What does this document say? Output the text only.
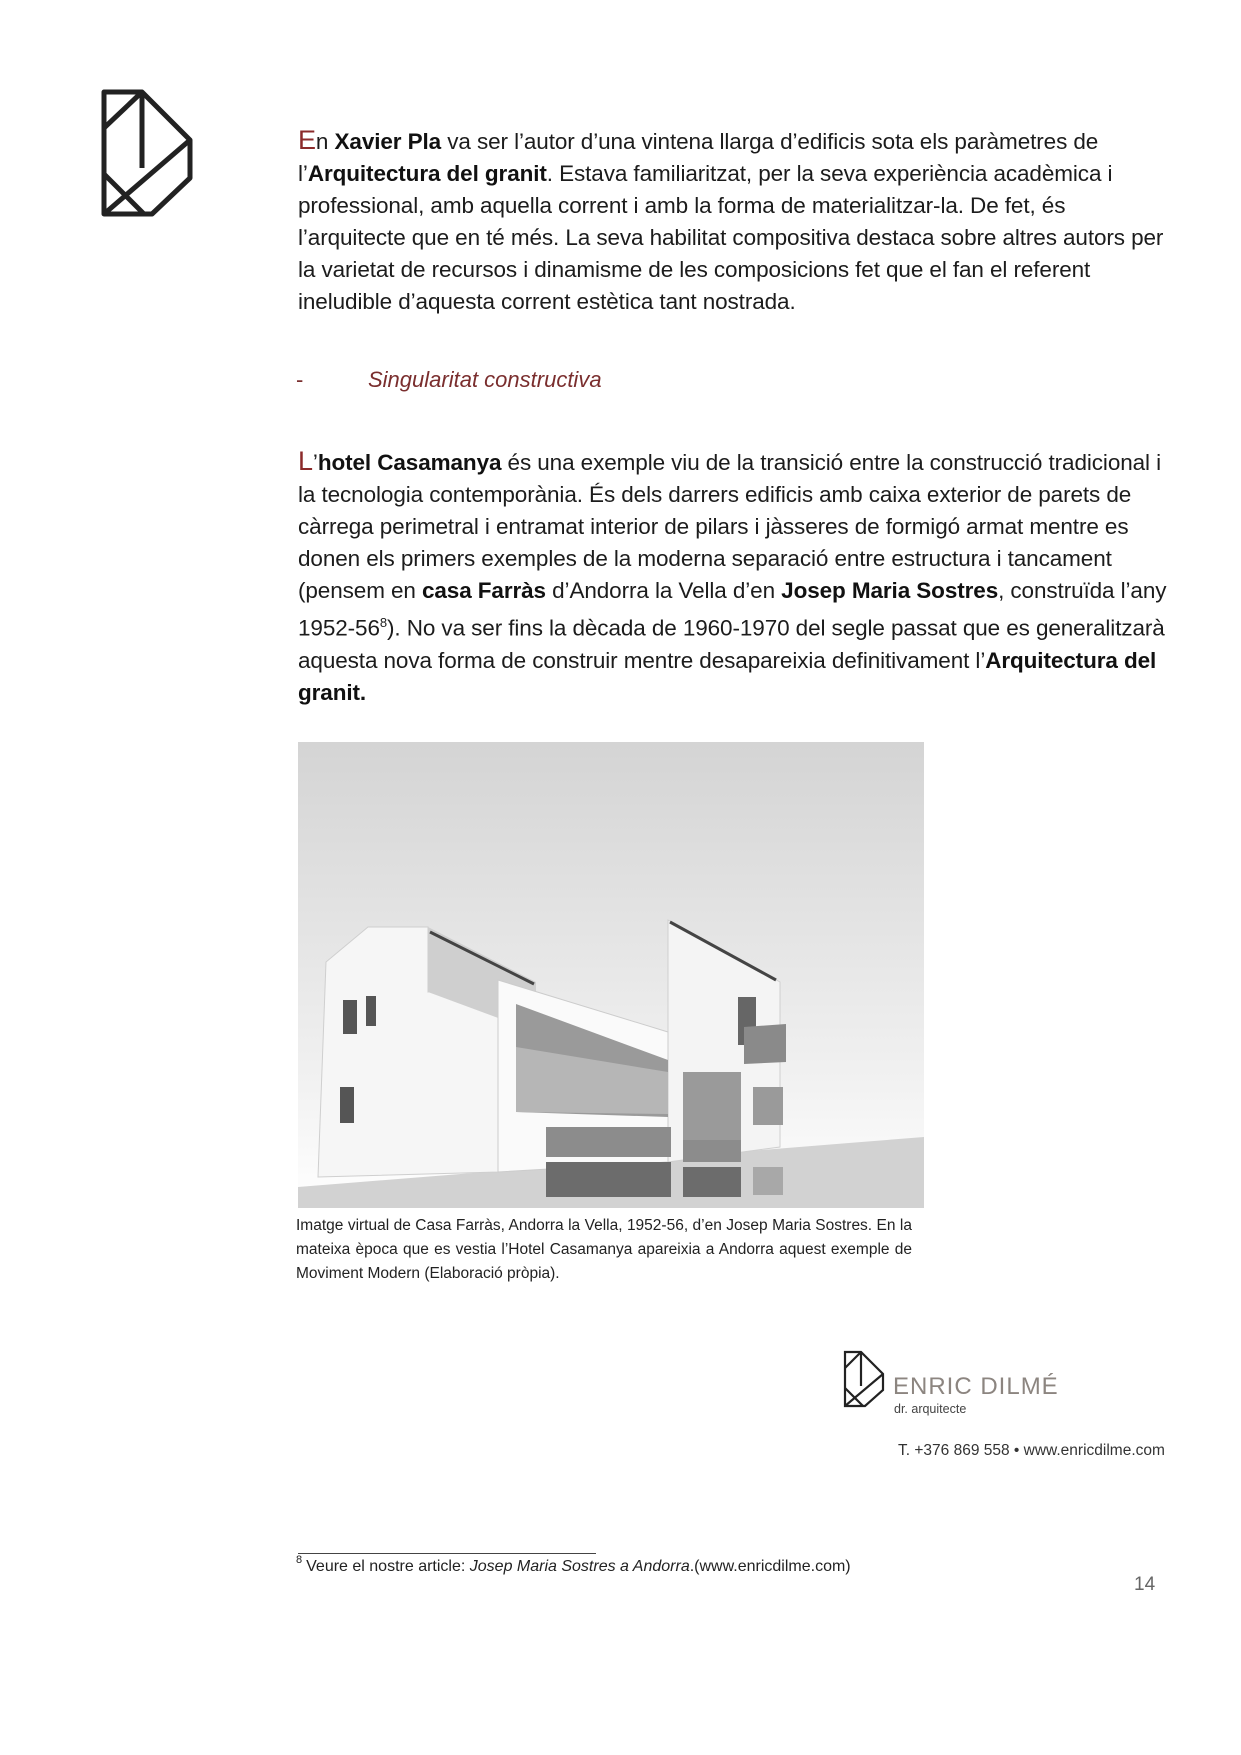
En Xavier Pla va ser l’autor d’una vintena llarga d’edificis sota els paràmetres de l’Arquitectura del granit. Estava familiaritzat, per la seva experiència acadèmica i professional, amb aquella corrent i amb la forma de materialitzar-la. De fet, és l’arquitecte que en té més. La seva habilitat compositiva destaca sobre altres autors per la varietat de recursos i dinamisme de les composicions fet que el fan el referent ineludible d’aquesta corrent estètica tant nostrada.
-	Singularitat constructiva
L’hotel Casamanya és una exemple viu de la transició entre la construcció tradicional i la tecnologia contemporània. És dels darrers edificis amb caixa exterior de parets de càrrega perimetral i entramat interior de pilars i jàsseres de formigó armat mentre es donen els primers exemples de la moderna separació entre estructura i tancament (pensem en casa Farràs d’Andorra la Vella d’en Josep Maria Sostres, construïda l’any 1952-56$^8$). No va ser fins la dècada de 1960-1970 del segle passat que es generalitzarà aquesta nova forma de construir mentre desapareixia definitivament l’Arquitectura del granit.
Imatge virtual de Casa Farràs, Andorra la Vella, 1952-56, d’en Josep Maria Sostres. En la mateixa època que es vestia l’Hotel Casamanya apareixia a Andorra aquest exemple de Moviment Modern (Elaboració pròpia).
ENRIC DILMÉ
dr. arquitecte
T. +376 869 558 • www.enricdilme.com
$^8$ Veure el nostre article: Josep Maria Sostres a Andorra.(www.enricdilme.com)
14
